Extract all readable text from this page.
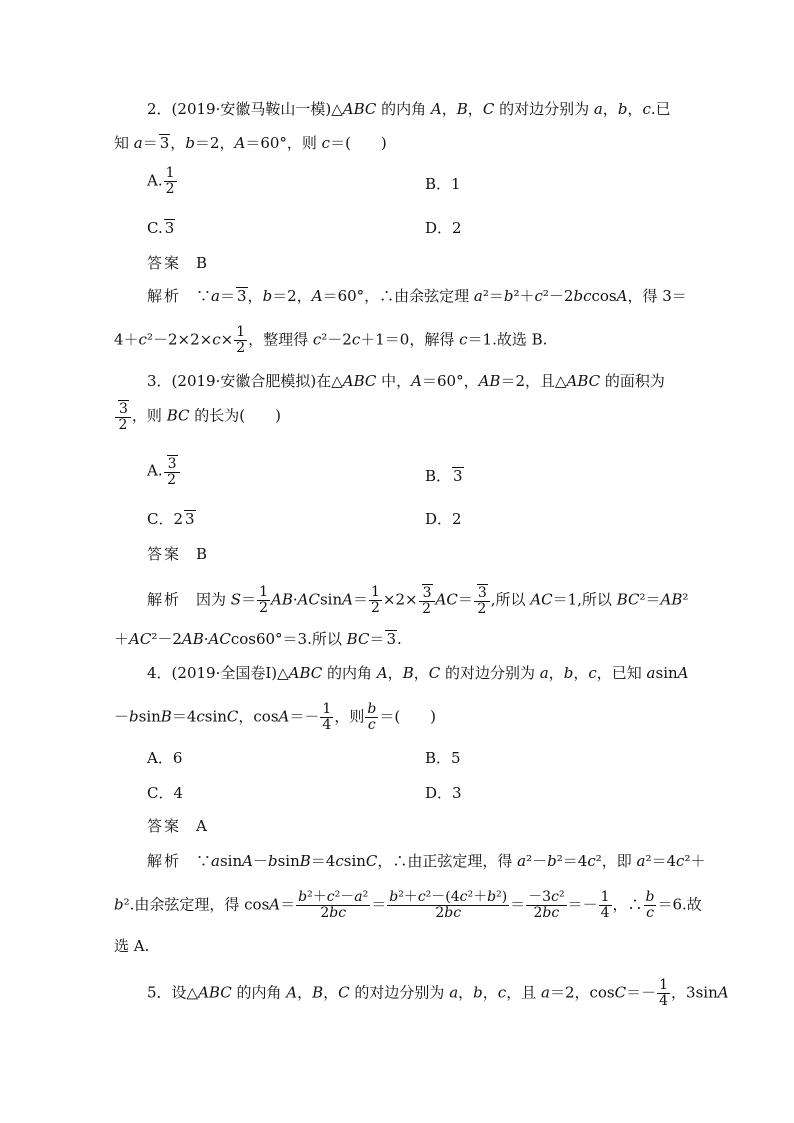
2．(2019·安徽马鞍山一模)△ABC 的内角 A，B，C 的对边分别为 a，b，c.已
知 a＝ 3，b＝2，A＝60°，则 c＝(　　)
A. $\frac{1}{2}$	B．1
C. 3	D．2
答案　 B
解析　∵a＝ 3，b＝2，A＝60°，∴由余弦定理 a²＝b²＋c²－2bccosA，得 3＝
$4+c^2-2\times 2\times c\times \frac{1}{2}$ ，整理得 c²－2c＋1＝0，解得 c＝1.故选 B.
3．(2019·安徽合肥模拟)在△ABC 中，A＝60°，AB＝2，且△ABC 的面积为
$\frac{3}{2}$ ，则 BC 的长为(　　)
A. $\frac{3}{2}$	B． 3
C．2 3	D．2
答案　 B
解析　因为 $S= \frac{1}{2} AB\cdot ACsinA= \frac{1}{2} \times 2\times \frac{3}{2} AC= \frac{3}{2}$ ,所以 AC＝1,所以 BC²＝AB²
＋AC²－2AB·ACcos60°＝3.所以 BC＝ 3.
4．(2019·全国卷Ⅰ)△ABC 的内角 A，B，C 的对边分别为 a，b，c，已知 asinA
－bsinB＝4csinC，$\cos A=- \frac{1}{4}$ ，则 $\frac{b}{c}$ ＝(　　)
A．6	B．5
C．4	D．3
答案　 A
解析　∵asinA－bsinB＝4csinC，∴由正弦定理，得 a²－b²＝4c²，即 a²＝4c²＋
b².由余弦定理，得 $\cos A= \frac{\text{b²＋c²－a²}}{2bc} = \frac{\text{b²＋c²－(4c²＋b²)}}{2bc} = \frac{\text{－3c²}}{2bc} =- \frac{1}{4}$ ，∴ $\frac{b}{c} =6$.故
选 A.
5．设△ABC 的内角 A，B，C 的对边分别为 a，b，c，且 a＝2，$\cos C=- \frac{1}{4}$ ，3sinA
